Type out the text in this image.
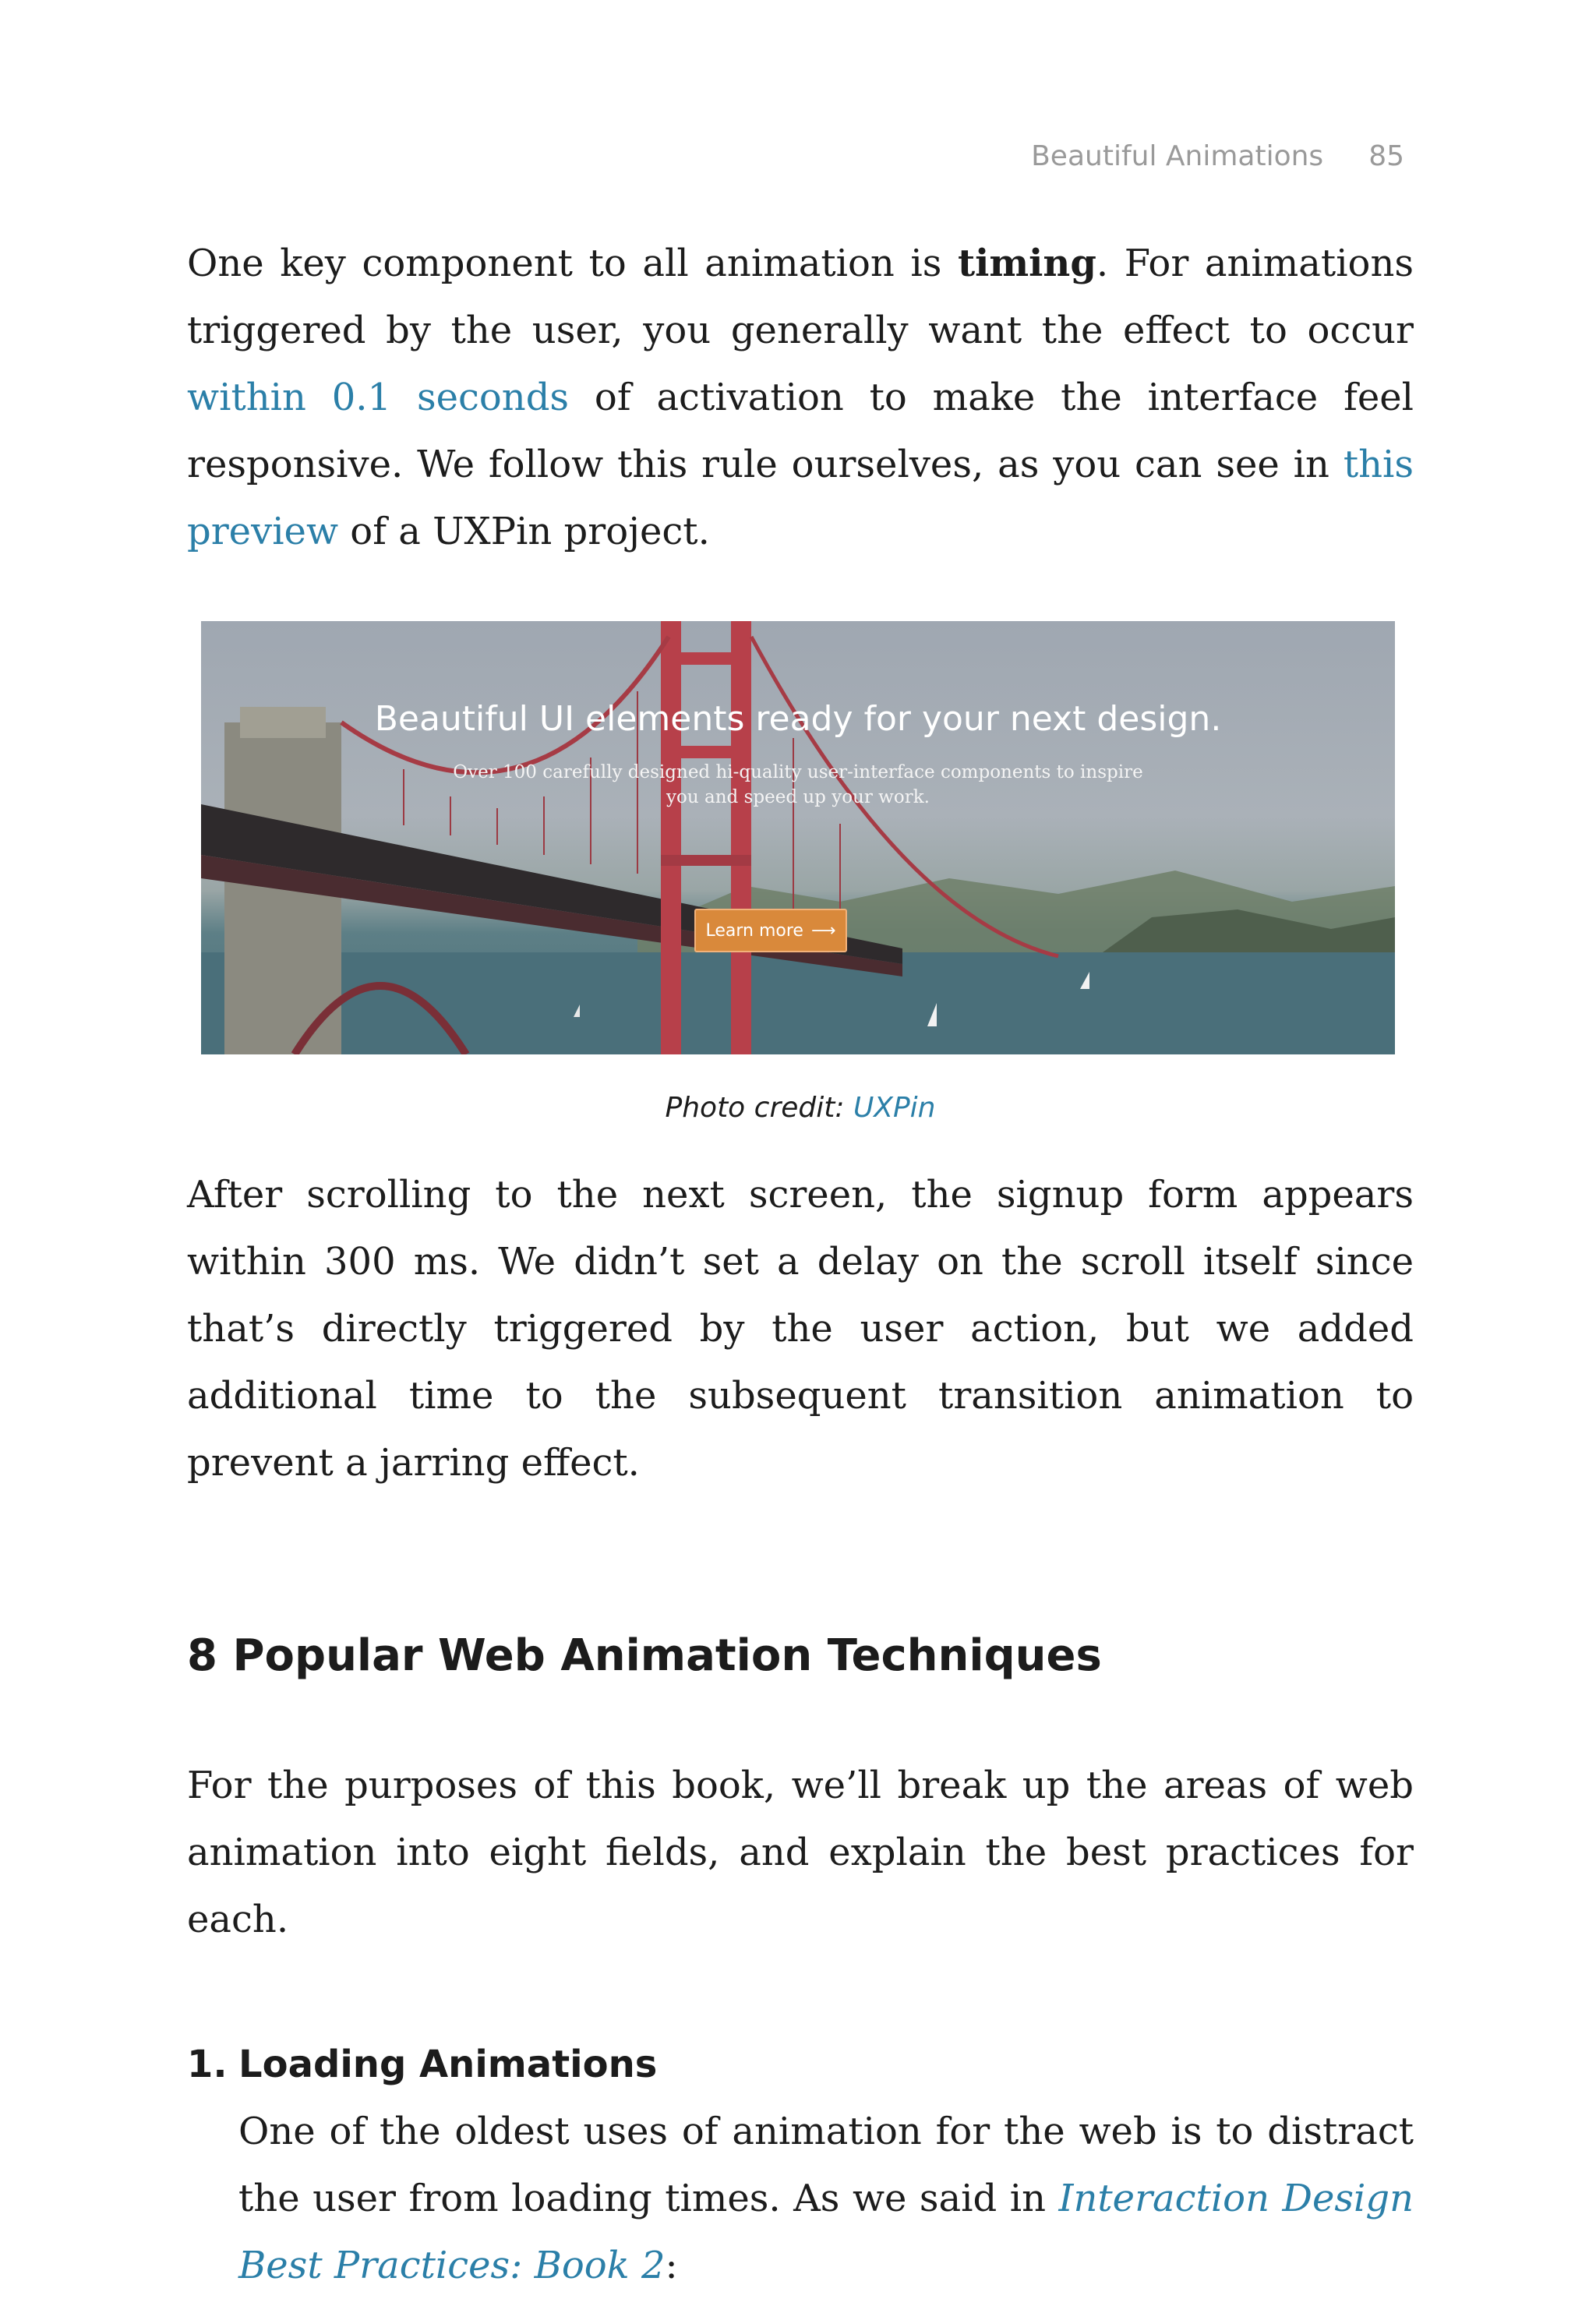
Beautiful Animations 85

One key component to all animation is timing. For animations triggered by the user, you generally want the effect to occur within 0.1 seconds of activation to make the interface feel responsive. We follow this rule ourselves, as you can see in this preview of a UXPin project.

Beautiful UI elements ready for your next design.
Over 100 carefully designed hi-quality user-interface components to inspire you and speed up your work.
Learn more ⟶
Photo credit: UXPin

After scrolling to the next screen, the signup form appears within 300 ms. We didn’t set a delay on the scroll itself since that’s directly triggered by the user action, but we added additional time to the subsequent transition animation to prevent a jarring effect.

8 Popular Web Animation Techniques

For the purposes of this book, we’ll break up the areas of web animation into eight fields, and explain the best practices for each.

1. Loading Animations

One of the oldest uses of animation for the web is to distract the user from loading times. As we said in Interaction Design Best Practices: Book 2:
